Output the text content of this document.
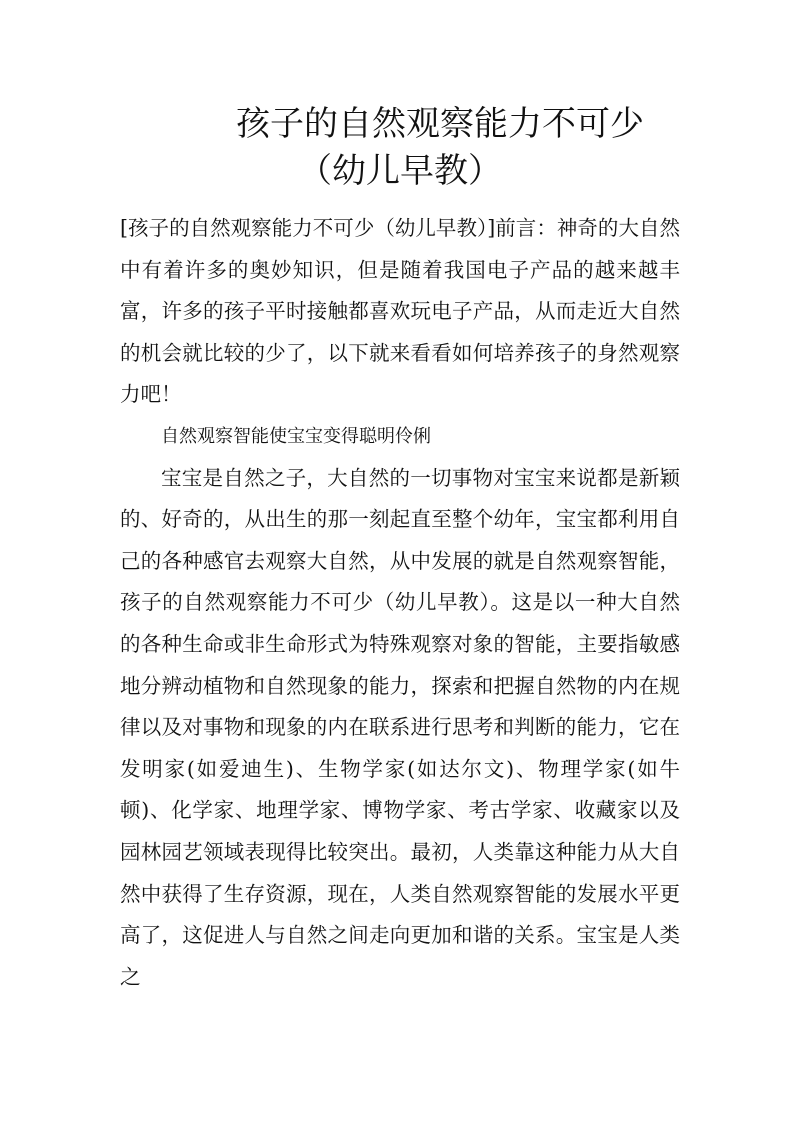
孩子的自然观察能力不可少
（幼儿早教）

[孩子的自然观察能力不可少（幼儿早教）]前言：神奇的大自然中有着许多的奥妙知识，但是随着我国电子产品的越来越丰富，许多的孩子平时接触都喜欢玩电子产品，从而走近大自然的机会就比较的少了，以下就来看看如何培养孩子的身然观察力吧！

自然观察智能使宝宝变得聪明伶俐

宝宝是自然之子，大自然的一切事物对宝宝来说都是新颖的、好奇的，从出生的那一刻起直至整个幼年，宝宝都利用自己的各种感官去观察大自然，从中发展的就是自然观察智能，孩子的自然观察能力不可少（幼儿早教）。这是以一种大自然的各种生命或非生命形式为特殊观察对象的智能，主要指敏感地分辨动植物和自然现象的能力，探索和把握自然物的内在规律以及对事物和现象的内在联系进行思考和判断的能力，它在发明家(如爱迪生)、生物学家(如达尔文)、物理学家(如牛顿)、化学家、地理学家、博物学家、考古学家、收藏家以及园林园艺领域表现得比较突出。最初，人类靠这种能力从大自然中获得了生存资源，现在，人类自然观察智能的发展水平更高了，这促进人与自然之间走向更加和谐的关系。宝宝是人类之
